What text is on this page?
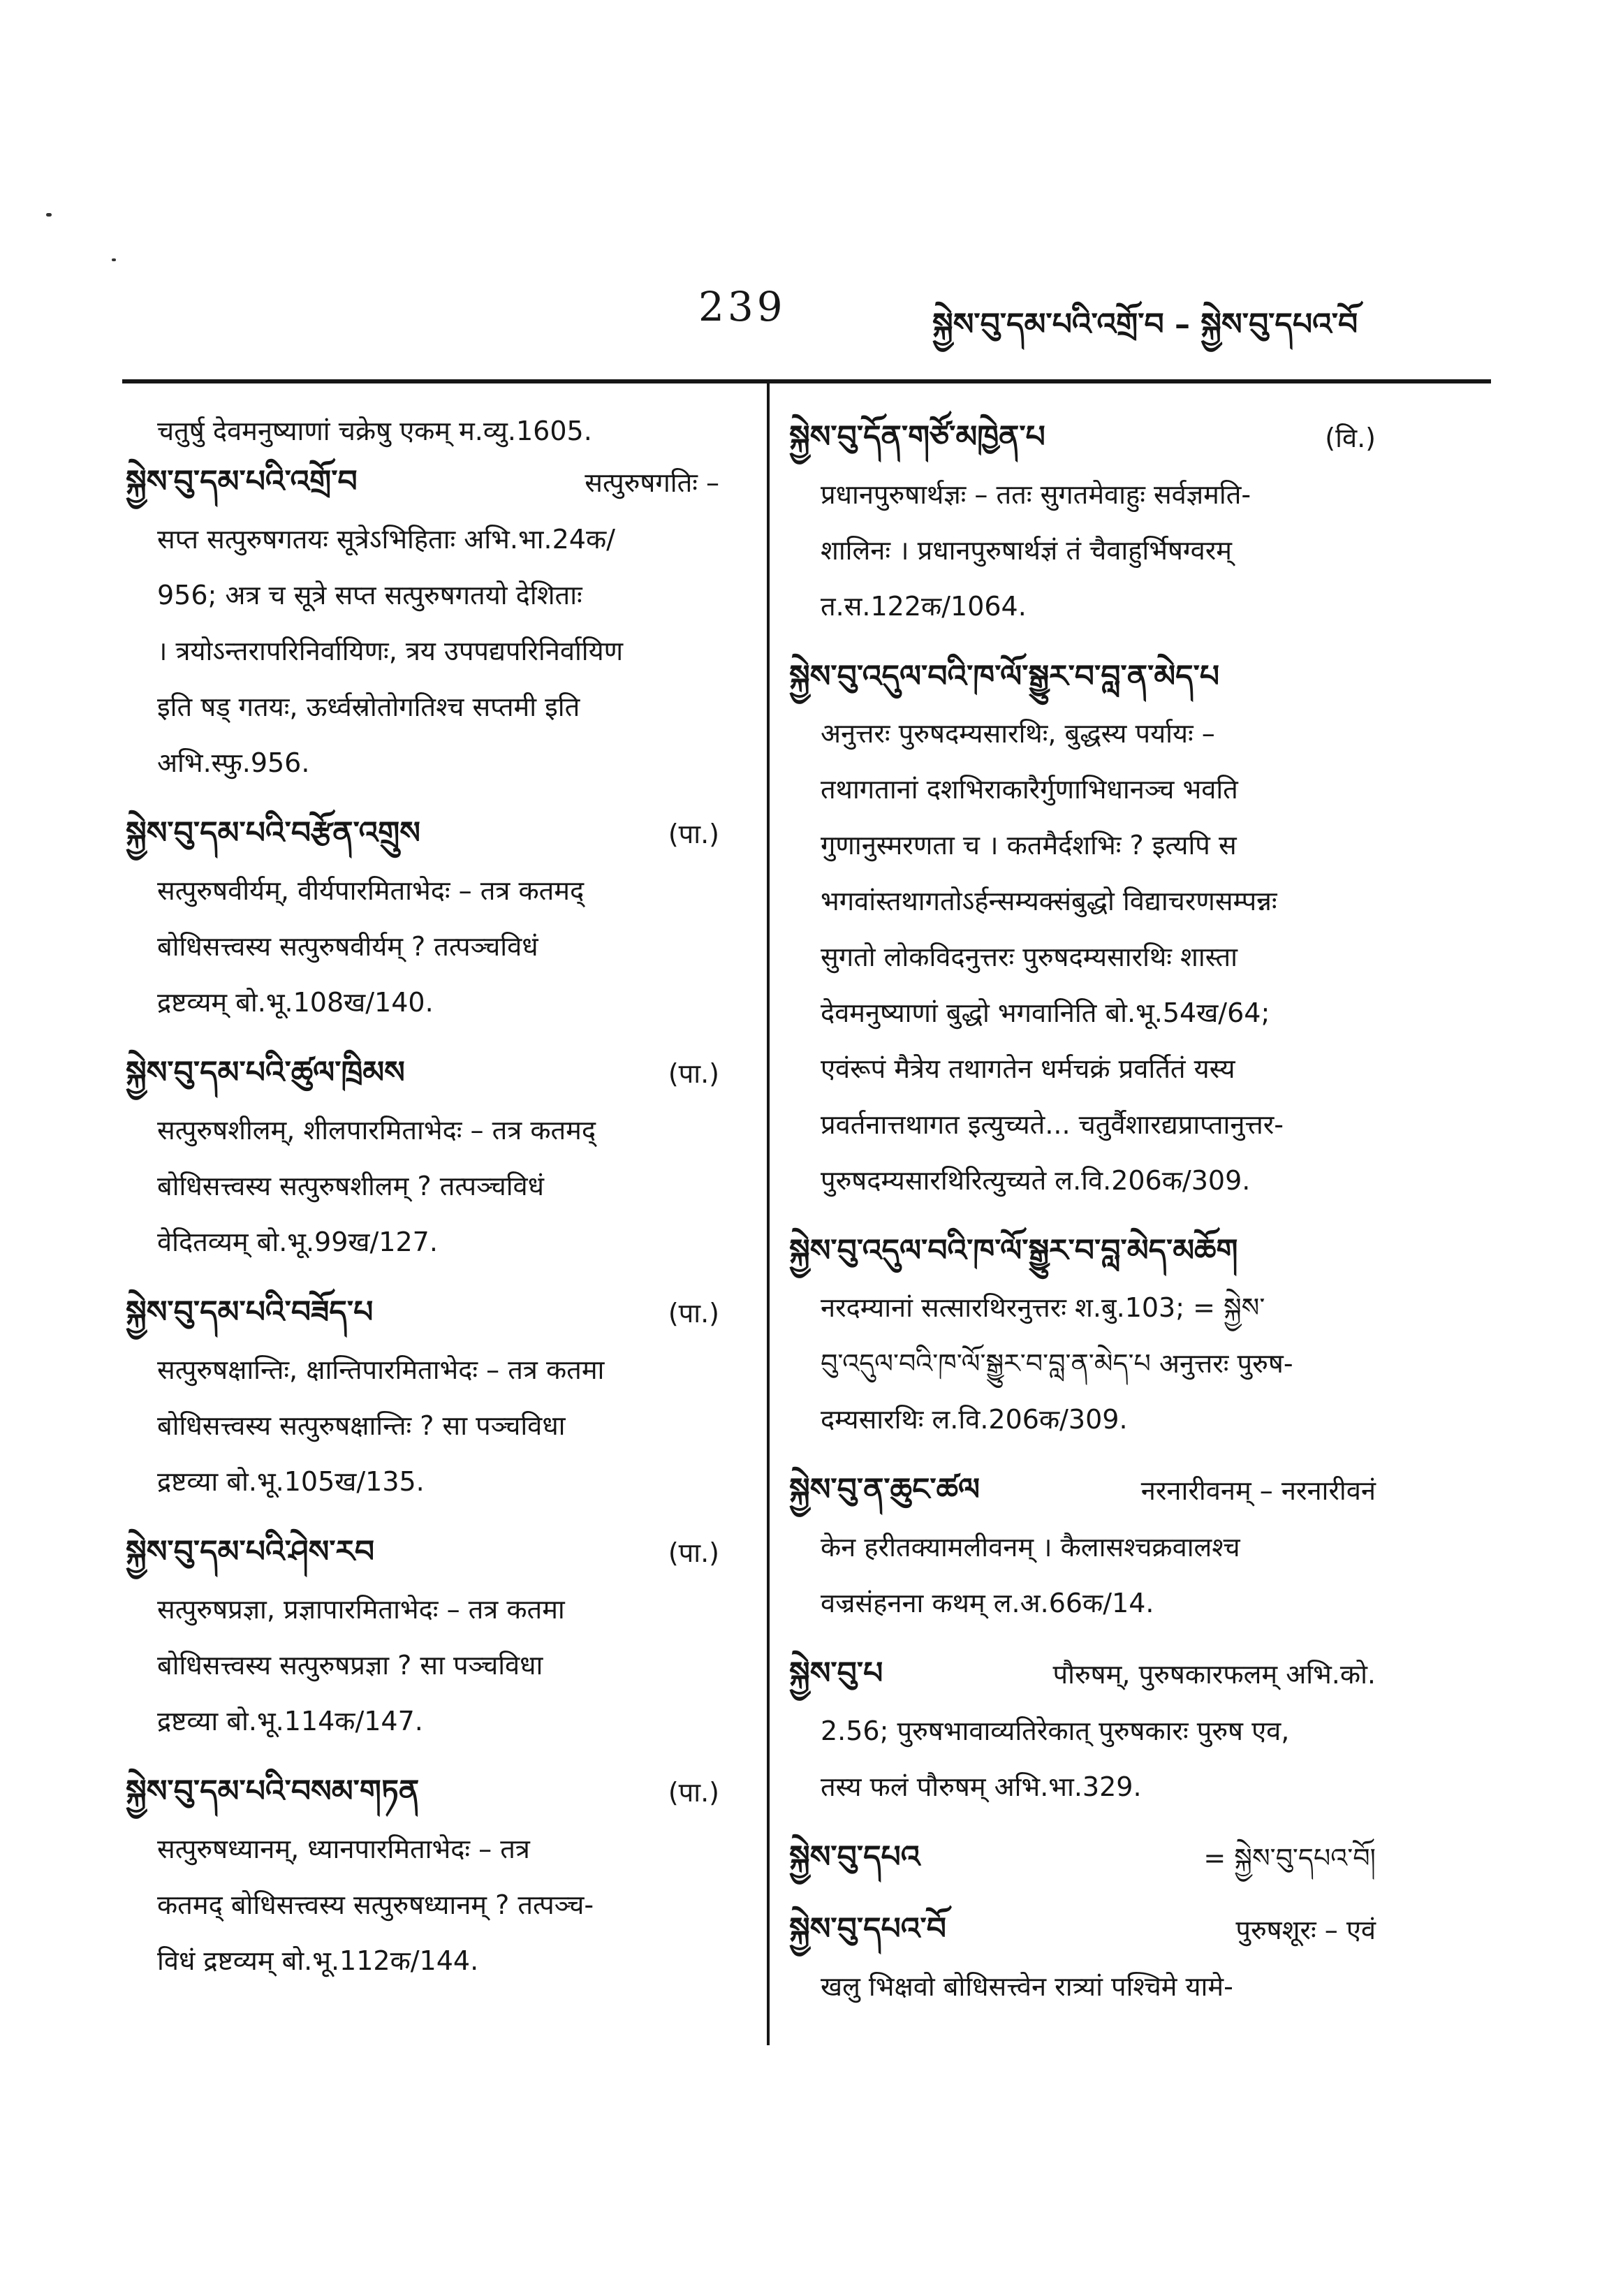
239	སྐྱེས་བུ་དམ་པའི་འགྲོ་བ – སྐྱེས་བུ་དཔའ་བོ
चतुर्षु देवमनुष्याणां चक्रेषु एकम् म.व्यु.1605.
སྐྱེས་བུ་དམ་པའི་འགྲོ་བ	सत्पुरुषगतिः –
सप्त सत्पुरुषगतयः सूत्रेऽभिहिताः अभि.भा.24क/
956; अत्र च सूत्रे सप्त सत्पुरुषगतयो देशिताः
। त्रयोऽन्तरापरिनिर्वायिणः, त्रय उपपद्यपरिनिर्वायिण
इति षड् गतयः, ऊर्ध्वस्रोतोगतिश्च सप्तमी इति
अभि.स्फु.956.
སྐྱེས་བུ་དམ་པའི་བརྩོན་འགྲུས	(पा.)
सत्पुरुषवीर्यम्, वीर्यपारमिताभेदः – तत्र कतमद्
बोधिसत्त्वस्य सत्पुरुषवीर्यम् ? तत्पञ्चविधं
द्रष्टव्यम् बो.भू.108ख/140.
སྐྱེས་བུ་དམ་པའི་ཚུལ་ཁྲིམས	(पा.)
सत्पुरुषशीलम्, शीलपारमिताभेदः – तत्र कतमद्
बोधिसत्त्वस्य सत्पुरुषशीलम् ? तत्पञ्चविधं
वेदितव्यम् बो.भू.99ख/127.
སྐྱེས་བུ་དམ་པའི་བཟོད་པ	(पा.)
सत्पुरुषक्षान्तिः, क्षान्तिपारमिताभेदः – तत्र कतमा
बोधिसत्त्वस्य सत्पुरुषक्षान्तिः ? सा पञ्चविधा
द्रष्टव्या बो.भू.105ख/135.
སྐྱེས་བུ་དམ་པའི་ཤེས་རབ	(पा.)
सत्पुरुषप्रज्ञा, प्रज्ञापारमिताभेदः – तत्र कतमा
बोधिसत्त्वस्य सत्पुरुषप्रज्ञा ? सा पञ्चविधा
द्रष्टव्या बो.भू.114क/147.
སྐྱེས་བུ་དམ་པའི་བསམ་གཏན	(पा.)
सत्पुरुषध्यानम्, ध्यानपारमिताभेदः – तत्र
कतमद् बोधिसत्त्वस्य सत्पुरुषध्यानम् ? तत्पञ्च-
विधं द्रष्टव्यम् बो.भू.112क/144.
སྐྱེས་བུ་དོན་གཙོ་མཁྱེན་པ	(वि.)
प्रधानपुरुषार्थज्ञः – ततः सुगतमेवाहुः सर्वज्ञमति-
शालिनः । प्रधानपुरुषार्थज्ञं तं चैवाहुर्भिषग्वरम्
त.स.122क/1064.
སྐྱེས་བུ་འདུལ་བའི་ཁ་ལོ་སྒྱུར་བ་བླ་ན་མེད་པ
अनुत्तरः पुरुषदम्यसारथिः, बुद्धस्य पर्यायः –
तथागतानां दशभिराकारैर्गुणाभिधानञ्च भवति
गुणानुस्मरणता च । कतमैर्दशभिः ? इत्यपि स
भगवांस्तथागतोऽर्हन्सम्यक्संबुद्धो विद्याचरणसम्पन्नः
सुगतो लोकविदनुत्तरः पुरुषदम्यसारथिः शास्ता
देवमनुष्याणां बुद्धो भगवानिति बो.भू.54ख/64;
एवंरूपं मैत्रेय तथागतेन धर्मचक्रं प्रवर्तितं यस्य
प्रवर्तनात्तथागत इत्युच्यते... चतुर्वैशारद्यप्राप्तानुत्तर-
पुरुषदम्यसारथिरित्युच्यते ल.वि.206क/309.
སྐྱེས་བུ་འདུལ་བའི་ཁ་ལོ་སྒྱུར་བ་བླ་མེད་མཆོག
नरदम्यानां सत्सारथिरनुत्तरः श.बु.103; = སྐྱེས་
བུ་འདུལ་བའི་ཁ་ལོ་སྒྱུར་བ་བླ་ན་མེད་པ अनुत्तरः पुरुष-
दम्यसारथिः ल.वि.206क/309.
སྐྱེས་བུ་ན་ཆུང་ཚལ	नरनारीवनम् – नरनारीवनं
केन हरीतक्यामलीवनम् । कैलासश्चक्रवालश्च
वज्रसंहनना कथम् ल.अ.66क/14.
སྐྱེས་བུ་པ	पौरुषम्, पुरुषकारफलम् अभि.को.
2.56; पुरुषभावाव्यतिरेकात् पुरुषकारः पुरुष एव,
तस्य फलं पौरुषम् अभि.भा.329.
སྐྱེས་བུ་དཔའ	= སྐྱེས་བུ་དཔའ་བོ།
སྐྱེས་བུ་དཔའ་བོ	पुरुषशूरः – एवं
खलु भिक्षवो बोधिसत्त्वेन रात्र्यां पश्चिमे यामे-
